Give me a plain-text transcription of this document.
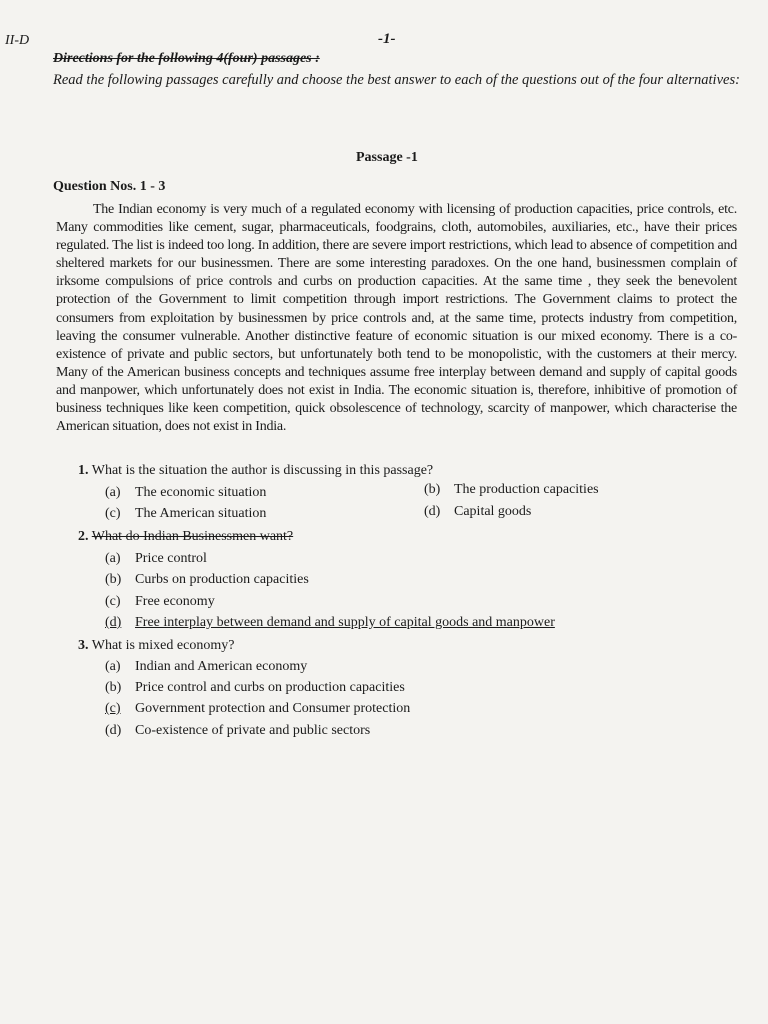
II-D	-1-
Directions for the following 4(four) passages :
Read the following passages carefully and choose the best answer to each of the questions out of the four alternatives:
Passage -1
Question Nos. 1 - 3
The Indian economy is very much of a regulated economy with licensing of production capacities, price controls, etc. Many commodities like cement, sugar, pharmaceuticals, foodgrains, cloth, automobiles, auxiliaries, etc., have their prices regulated. The list is indeed too long. In addition, there are severe import restrictions, which lead to absence of competition and sheltered markets for our businessmen. There are some interesting paradoxes. On the one hand, businessmen complain of irksome compulsions of price controls and curbs on production capacities. At the same time , they seek the benevolent protection of the Government to limit competition through import restrictions. The Government claims to protect the consumers from exploitation by businessmen by price controls and, at the same time, protects industry from competition, leaving the consumer vulnerable. Another distinctive feature of economic situation is our mixed economy. There is a co-existence of private and public sectors, but unfortunately both tend to be monopolistic, with the customers at their mercy. Many of the American business concepts and techniques assume free interplay between demand and supply of capital goods and manpower, which unfortunately does not exist in India. The economic situation is, therefore, inhibitive of promotion of business techniques like keen competition, quick obsolescence of technology, scarcity of manpower, which characterise the American situation, does not exist in India.
1. What is the situation the author is discussing in this passage?
(a) The economic situation	(b) The production capacities
(c) The American situation	(d) Capital goods
2. What do Indian Businessmen want?
(a) Price control
(b) Curbs on production capacities
(c) Free economy
(d) Free interplay between demand and supply of capital goods and manpower
3. What is mixed economy?
(a) Indian and American economy
(b) Price control and curbs on production capacities
(c) Government protection and Consumer protection
(d) Co-existence of private and public sectors
